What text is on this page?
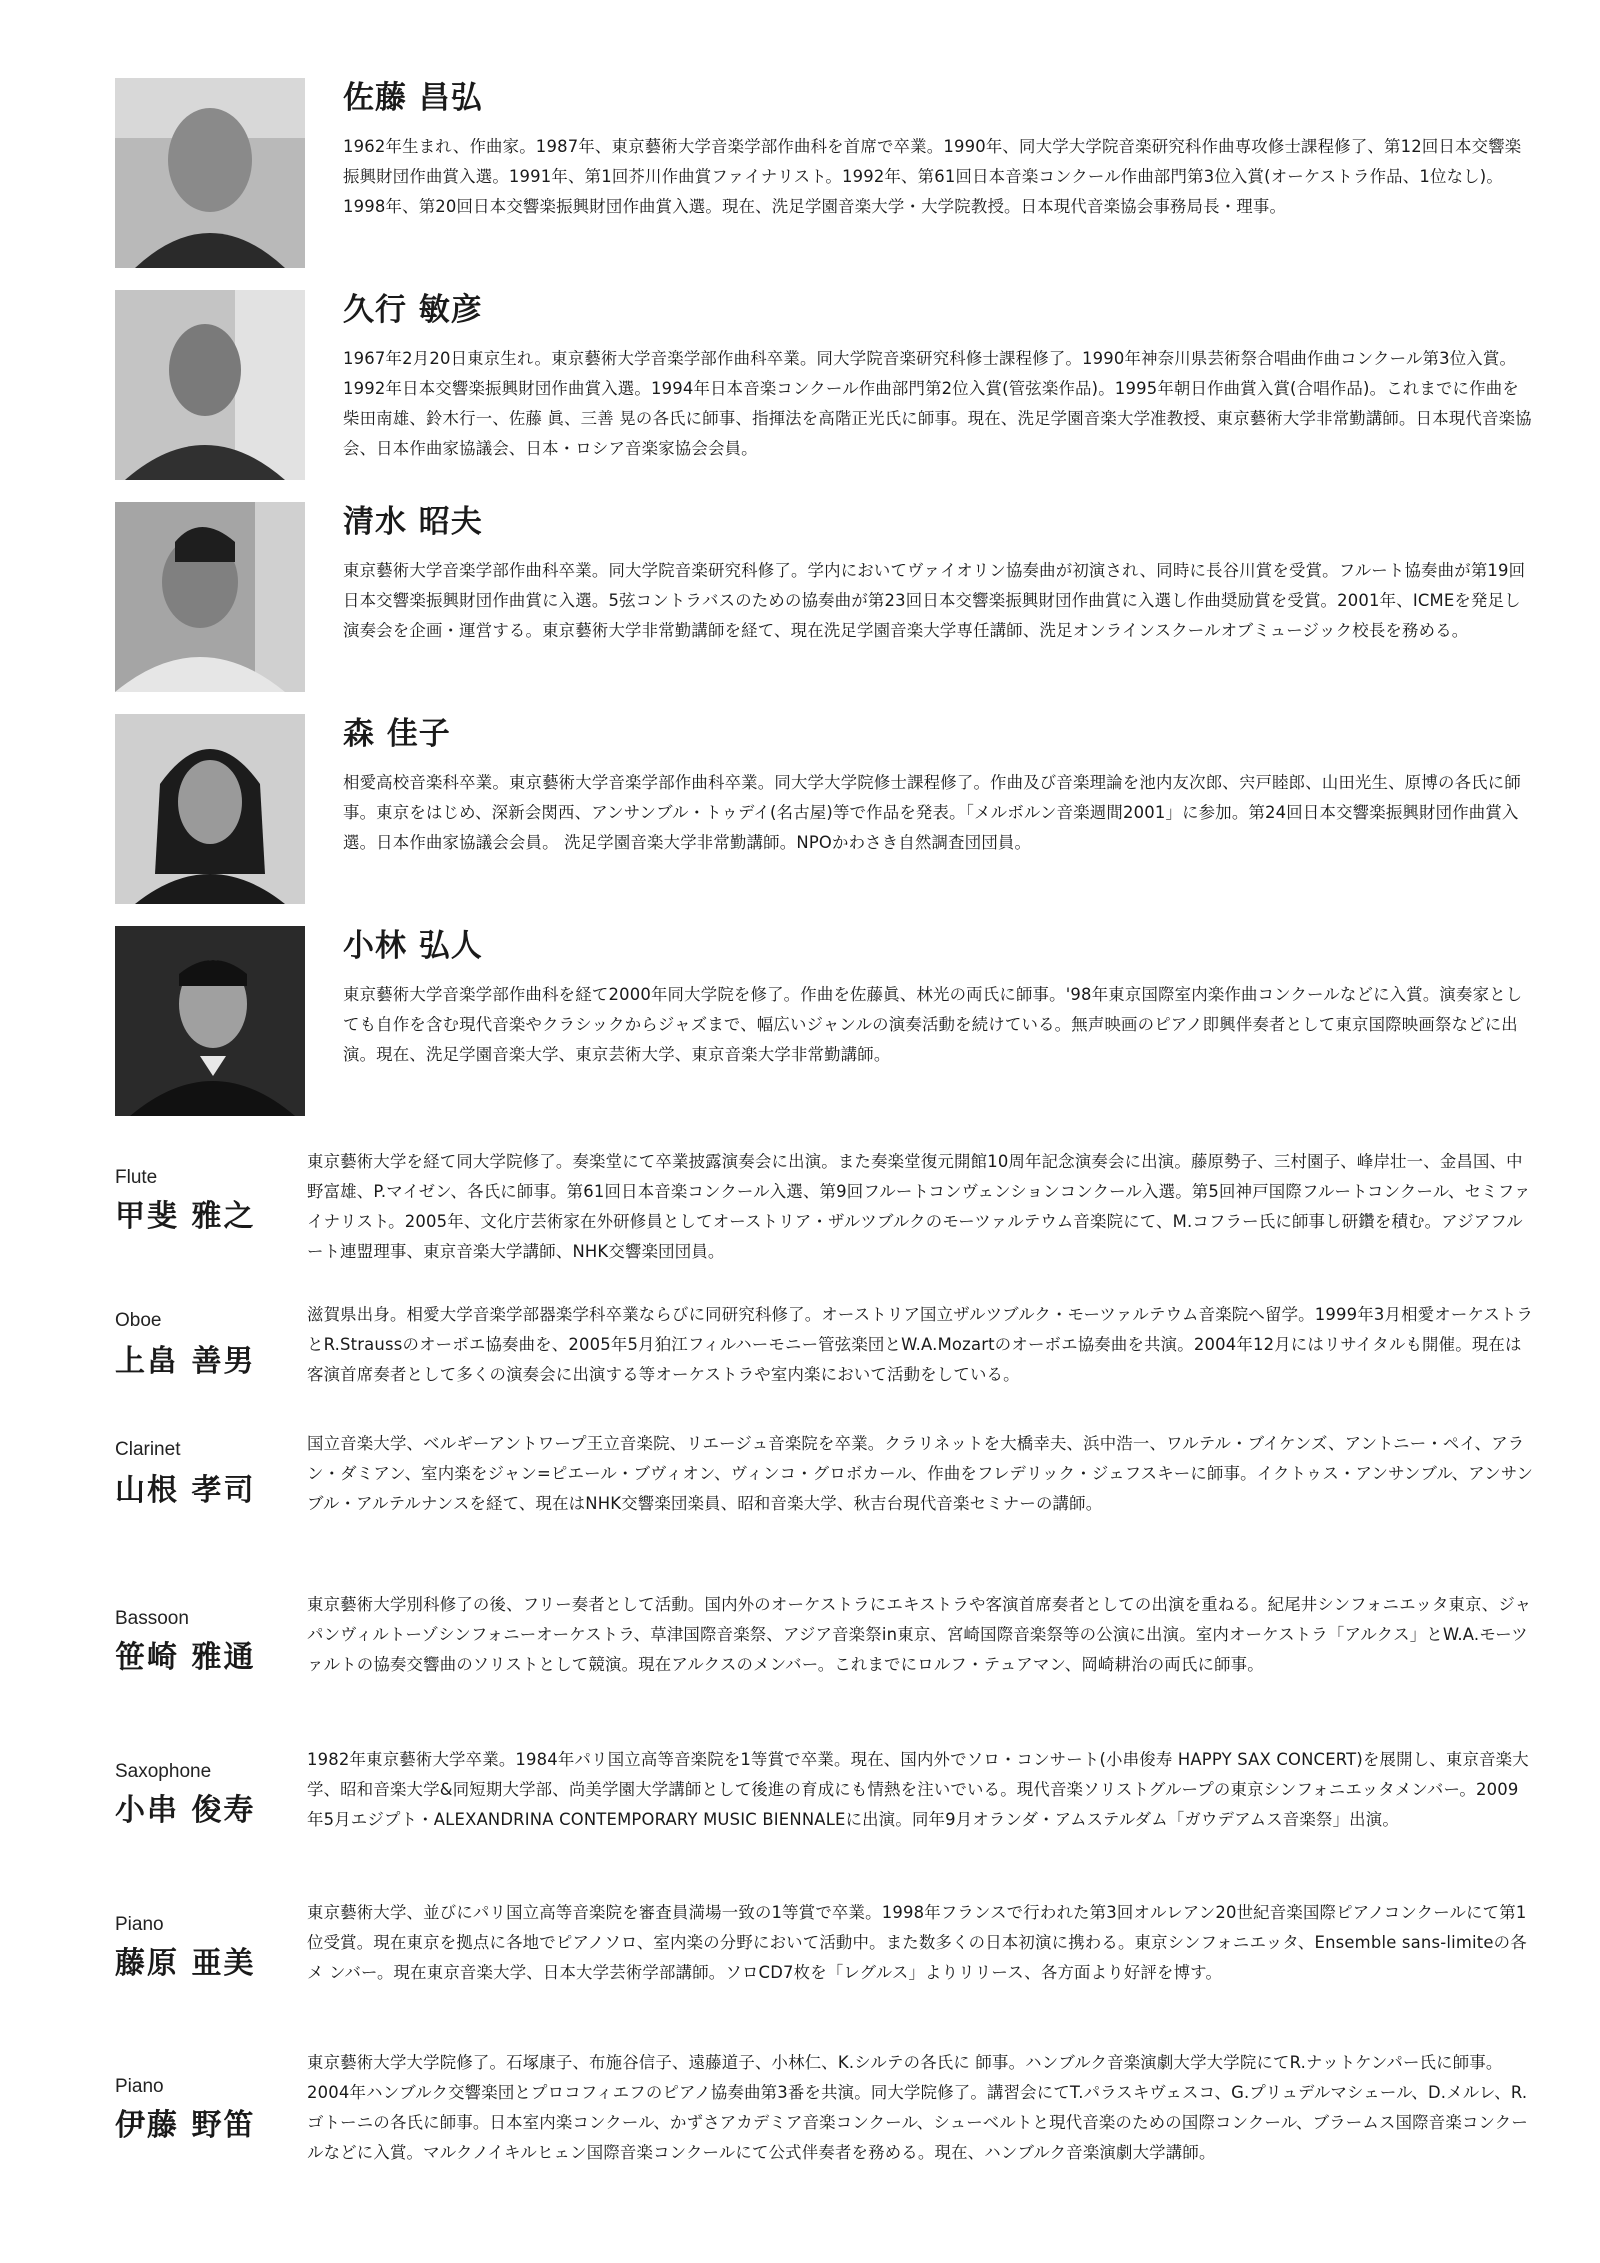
佐藤 昌弘
1962年生まれ、作曲家。1987年、東京藝術大学音楽学部作曲科を首席で卒業。1990年、同大学大学院音楽研究科作曲専攻修士課程修了、第12回日本交響楽振興財団作曲賞入選。1991年、第1回芥川作曲賞ファイナリスト。1992年、第61回日本音楽コンクール作曲部門第3位入賞(オーケストラ作品、1位なし)。1998年、第20回日本交響楽振興財団作曲賞入選。現在、洗足学園音楽大学・大学院教授。日本現代音楽協会事務局長・理事。
久行 敏彦
1967年2月20日東京生れ。東京藝術大学音楽学部作曲科卒業。同大学院音楽研究科修士課程修了。1990年神奈川県芸術祭合唱曲作曲コンクール第3位入賞。1992年日本交響楽振興財団作曲賞入選。1994年日本音楽コンクール作曲部門第2位入賞(管弦楽作品)。1995年朝日作曲賞入賞(合唱作品)。これまでに作曲を柴田南雄、鈴木行一、佐藤 眞、三善 晃の各氏に師事、指揮法を高階正光氏に師事。現在、洗足学園音楽大学准教授、東京藝術大学非常勤講師。日本現代音楽協会、日本作曲家協議会、日本・ロシア音楽家協会会員。
清水 昭夫
東京藝術大学音楽学部作曲科卒業。同大学院音楽研究科修了。学内においてヴァイオリン協奏曲が初演され、同時に長谷川賞を受賞。フルート協奏曲が第19回日本交響楽振興財団作曲賞に入選。5弦コントラバスのための協奏曲が第23回日本交響楽振興財団作曲賞に入選し作曲奨励賞を受賞。2001年、ICMEを発足し演奏会を企画・運営する。東京藝術大学非常勤講師を経て、現在洗足学園音楽大学専任講師、洗足オンラインスクールオブミュージック校長を務める。
森 佳子
相愛高校音楽科卒業。東京藝術大学音楽学部作曲科卒業。同大学大学院修士課程修了。作曲及び音楽理論を池内友次郎、宍戸睦郎、山田光生、原博の各氏に師事。東京をはじめ、深新会関西、アンサンブル・トゥデイ(名古屋)等で作品を発表。「メルボルン音楽週間2001」に参加。第24回日本交響楽振興財団作曲賞入選。日本作曲家協議会会員。 洗足学園音楽大学非常勤講師。NPOかわさき自然調査団団員。
小林 弘人
東京藝術大学音楽学部作曲科を経て2000年同大学院を修了。作曲を佐藤眞、林光の両氏に師事。'98年東京国際室内楽作曲コンクールなどに入賞。演奏家としても自作を含む現代音楽やクラシックからジャズまで、幅広いジャンルの演奏活動を続けている。無声映画のピアノ即興伴奏者として東京国際映画祭などに出演。現在、洗足学園音楽大学、東京芸術大学、東京音楽大学非常勤講師。
Flute
甲斐 雅之
東京藝術大学を経て同大学院修了。奏楽堂にて卒業披露演奏会に出演。また奏楽堂復元開館10周年記念演奏会に出演。藤原勢子、三村園子、峰岸壮一、金昌国、中野富雄、P.マイゼン、各氏に師事。第61回日本音楽コンクール入選、第9回フルートコンヴェンションコンクール入選。第5回神戸国際フルートコンクール、セミファイナリスト。2005年、文化庁芸術家在外研修員としてオーストリア・ザルツブルクのモーツァルテウム音楽院にて、M.コフラー氏に師事し研鑽を積む。アジアフルート連盟理事、東京音楽大学講師、NHK交響楽団団員。
Oboe
上畠 善男
滋賀県出身。相愛大学音楽学部器楽学科卒業ならびに同研究科修了。オーストリア国立ザルツブルク・モーツァルテウム音楽院へ留学。1999年3月相愛オーケストラとR.Straussのオーボエ協奏曲を、2005年5月狛江フィルハーモニー管弦楽団とW.A.Mozartのオーボエ協奏曲を共演。2004年12月にはリサイタルも開催。現在は客演首席奏者として多くの演奏会に出演する等オーケストラや室内楽において活動をしている。
Clarinet
山根 孝司
国立音楽大学、ベルギーアントワープ王立音楽院、リエージュ音楽院を卒業。クラリネットを大橋幸夫、浜中浩一、ワルテル・ブイケンズ、アントニー・ペイ、アラン・ダミアン、室内楽をジャン=ピエール・ブヴィオン、ヴィンコ・グロボカール、作曲をフレデリック・ジェフスキーに師事。イクトゥス・アンサンブル、アンサンブル・アルテルナンスを経て、現在はNHK交響楽団楽員、昭和音楽大学、秋吉台現代音楽セミナーの講師。
Bassoon
笹崎 雅通
東京藝術大学別科修了の後、フリー奏者として活動。国内外のオーケストラにエキストラや客演首席奏者としての出演を重ねる。紀尾井シンフォニエッタ東京、ジャパンヴィルトーゾシンフォニーオーケストラ、草津国際音楽祭、アジア音楽祭in東京、宮崎国際音楽祭等の公演に出演。室内オーケストラ「アルクス」とW.A.モーツァルトの協奏交響曲のソリストとして競演。現在アルクスのメンバー。これまでにロルフ・テュアマン、岡崎耕治の両氏に師事。
Saxophone
小串 俊寿
1982年東京藝術大学卒業。1984年パリ国立高等音楽院を1等賞で卒業。現在、国内外でソロ・コンサート(小串俊寿 HAPPY SAX CONCERT)を展開し、東京音楽大学、昭和音楽大学&同短期大学部、尚美学園大学講師として後進の育成にも情熱を注いでいる。現代音楽ソリストグループの東京シンフォニエッタメンバー。2009年5月エジプト・ALEXANDRINA CONTEMPORARY MUSIC BIENNALEに出演。同年9月オランダ・アムステルダム「ガウデアムス音楽祭」出演。
Piano
藤原 亜美
東京藝術大学、並びにパリ国立高等音楽院を審査員満場一致の1等賞で卒業。1998年フランスで行われた第3回オルレアン20世紀音楽国際ピアノコンクールにて第1位受賞。現在東京を拠点に各地でピアノソロ、室内楽の分野において活動中。また数多くの日本初演に携わる。東京シンフォニエッタ、Ensemble sans-limiteの各メ ンバー。現在東京音楽大学、日本大学芸術学部講師。ソロCD7枚を「レグルス」よりリリース、各方面より好評を博す。
Piano
伊藤 野笛
東京藝術大学大学院修了。石塚康子、布施谷信子、遠藤道子、小林仁、K.シルテの各氏に 師事。ハンブルク音楽演劇大学大学院にてR.ナットケンパー氏に師事。2004年ハンブルク交響楽団とプロコフィエフのピアノ協奏曲第3番を共演。同大学院修了。講習会にてT.パラスキヴェスコ、G.プリュデルマシェール、D.メルレ、R.ゴトーニの各氏に師事。日本室内楽コンクール、かずさアカデミア音楽コンクール、シューベルトと現代音楽のための国際コンクール、ブラームス国際音楽コンクールなどに入賞。マルクノイキルヒェン国際音楽コンクールにて公式伴奏者を務める。現在、ハンブルク音楽演劇大学講師。
